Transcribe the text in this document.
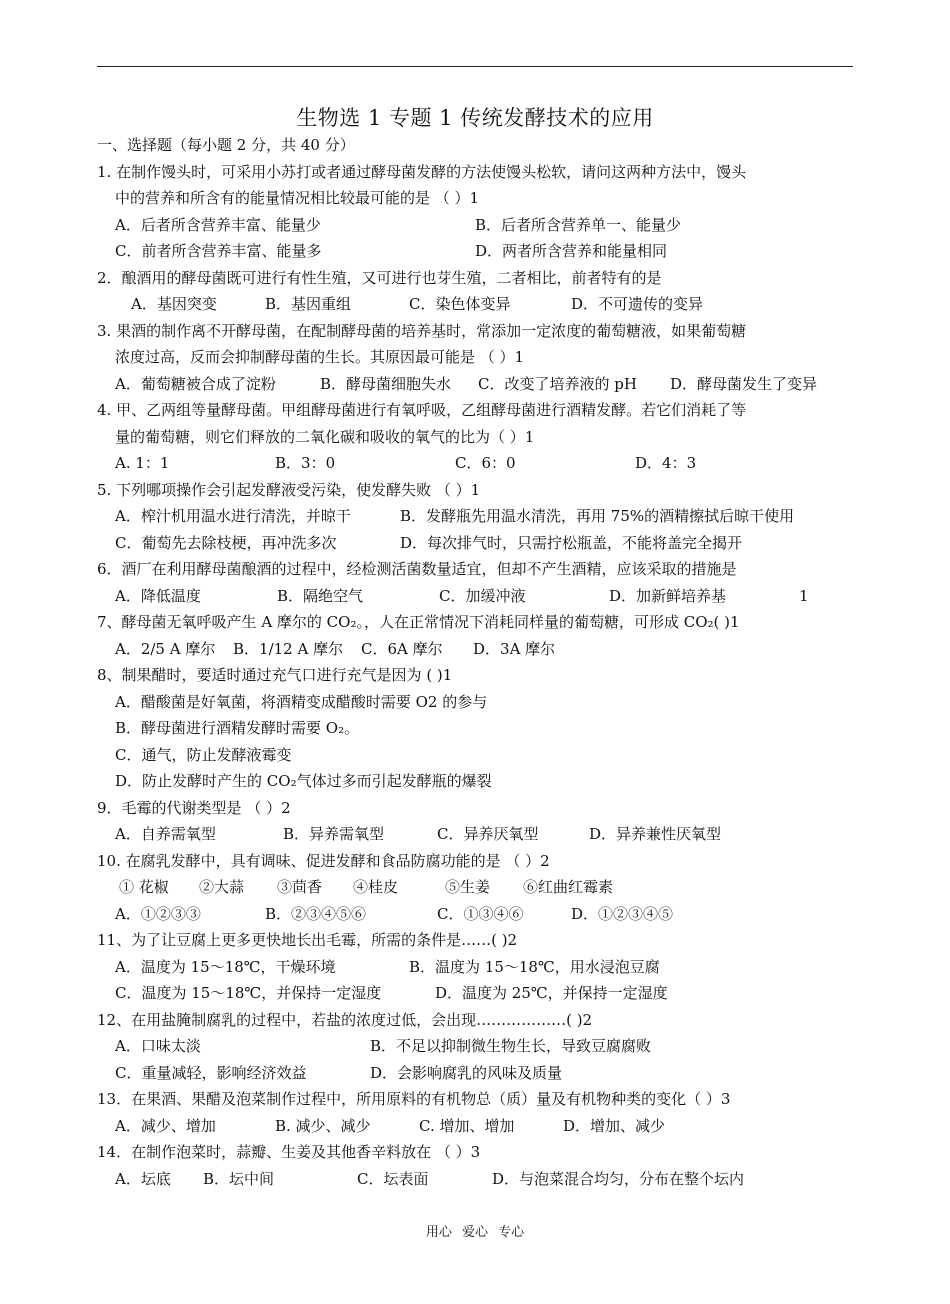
生物选 1 专题 1 传统发酵技术的应用
一、选择题（每小题 2 分，共 40 分）
1. 在制作馒头时，可采用小苏打或者通过酵母菌发酵的方法使馒头松软，请问这两种方法中，馒头
中的营养和所含有的能量情况相比较最可能的是 （ ）1
A．后者所含营养丰富、能量少	B．后者所含营养单一、能量少
C．前者所含营养丰富、能量多	D．两者所含营养和能量相同
2．酿酒用的酵母菌既可进行有性生殖，又可进行也芽生殖，二者相比，前者特有的是
A．基因突变	B．基因重组	C．染色体变异	D．不可遗传的变异
3. 果酒的制作离不开酵母菌，在配制酵母菌的培养基时，常添加一定浓度的葡萄糖液，如果葡萄糖
浓度过高，反而会抑制酵母菌的生长。其原因最可能是 （ ）1
A．葡萄糖被合成了淀粉	B．酵母菌细胞失水	C．改变了培养液的 pH	D．酵母菌发生了变异
4. 甲、乙两组等量酵母菌。甲组酵母菌进行有氧呼吸，乙组酵母菌进行酒精发酵。若它们消耗了等
量的葡萄糖，则它们释放的二氧化碳和吸收的氧气的比为（ ）1
A. 1：1	B．3：0	C．6：0	D．4：3
5. 下列哪项操作会引起发酵液受污染，使发酵失败 （ ）1
A．榨汁机用温水进行清洗，并晾干	B．发酵瓶先用温水清洗，再用 75%的酒精擦拭后晾干使用
C．葡萄先去除枝梗，再冲洗多次	D．每次排气时，只需拧松瓶盖，不能将盖完全揭开
6．酒厂在利用酵母菌酿酒的过程中，经检测活菌数量适宜，但却不产生酒精，应该采取的措施是
A．降低温度	B．隔绝空气	C．加缓冲液	D．加新鲜培养基	1
7、酵母菌无氧呼吸产生 A 摩尔的 CO₂。，人在正常情况下消耗同样量的葡萄糖，可形成 CO₂( )1
A．2/5 A 摩尔	B．1/12 A 摩尔	C．6A 摩尔	D．3A 摩尔
8、制果醋时，要适时通过充气口进行充气是因为 ( )1
A．醋酸菌是好氧菌，将酒精变成醋酸时需要 O2 的参与
B．酵母菌进行酒精发酵时需要 O₂。
C．通气，防止发酵液霉变
D．防止发酵时产生的 CO₂气体过多而引起发酵瓶的爆裂
9．毛霉的代谢类型是 （ ）2
A．自养需氧型	B．异养需氧型	C．异养厌氧型	D．异养兼性厌氧型
10. 在腐乳发酵中，具有调味、促进发酵和食品防腐功能的是 （ ）2
① 花椒	②大蒜	③茴香	④桂皮	⑤生姜	⑥红曲红霉素
A．①②③③	B．②③④⑤⑥	C．①③④⑥	D．①②③④⑤
11、为了让豆腐上更多更快地长出毛霉，所需的条件是……( )2
A．温度为 15～18℃，干燥环境	B．温度为 15～18℃，用水浸泡豆腐
C．温度为 15～18℃，并保持一定湿度	D．温度为 25℃，并保持一定湿度
12、在用盐腌制腐乳的过程中，若盐的浓度过低，会出现………………( )2
A．口味太淡	B．不足以抑制微生物生长，导致豆腐腐败
C．重量减轻，影响经济效益	D．会影响腐乳的风味及质量
13．在果酒、果醋及泡菜制作过程中，所用原料的有机物总（质）量及有机物种类的变化（ ）3
A．减少、增加	B. 减少、减少	C. 增加、增加	D．增加、减少
14．在制作泡菜时，蒜瓣、生姜及其他香辛料放在 （ ）3
A．坛底	B．坛中间	C．坛表面	D．与泡菜混合均匀，分布在整个坛内
用心 爱心 专心
